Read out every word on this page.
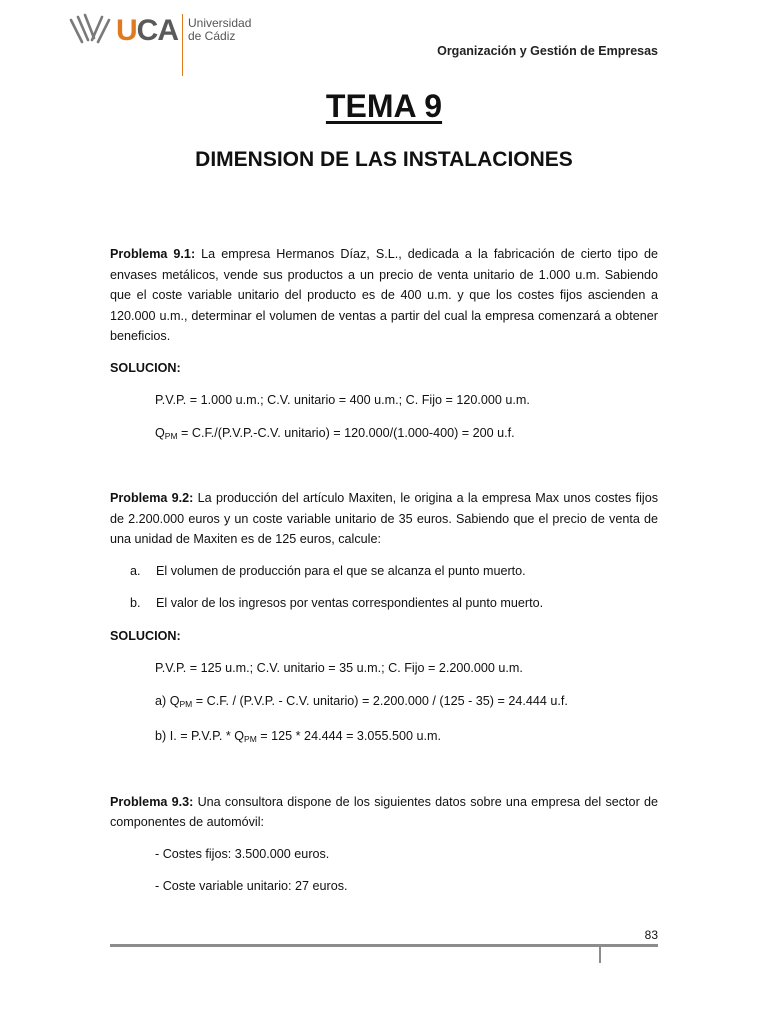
UCA Universidad
de Cádiz
Organización y Gestión de Empresas
TEMA 9
DIMENSION DE LAS INSTALACIONES

Problema 9.1: La empresa Hermanos Díaz, S.L., dedicada a la fabricación de cierto tipo de envases metálicos, vende sus productos a un precio de venta unitario de 1.000 u.m. Sabiendo que el coste variable unitario del producto es de 400 u.m. y que los costes fijos ascienden a 120.000 u.m., determinar el volumen de ventas a partir del cual la empresa comenzará a obtener beneficios.

SOLUCION:
P.V.P. = 1.000 u.m.; C.V. unitario = 400 u.m.; C. Fijo = 120.000 u.m.
$Q_{PM} = C.F./(P.V.P.-C.V$. unitario) = 120.000/(1.000-400) = 200 u.f.

Problema 9.2: La producción del artículo Maxiten, le origina a la empresa Max unos costes fijos de 2.200.000 euros y un coste variable unitario de 35 euros. Sabiendo que el precio de venta de una unidad de Maxiten es de 125 euros, calcule:

a.	El volumen de producción para el que se alcanza el punto muerto.
b.	El valor de los ingresos por ventas correspondientes al punto muerto.
SOLUCION:
P.V.P. = 125 u.m.; C.V. unitario = 35 u.m.; C. Fijo = 2.200.000 u.m.
a) $Q_{PM} = C.F$. / (P.V.P. - C.V. unitario) = 2.200.000 / (125 - 35) = 24.444 u.f.
b) I. = P.V.P. * $Q_{PM} = 125 * 24.444 = 3.055.500$ u.m.

Problema 9.3: Una consultora dispone de los siguientes datos sobre una empresa del sector de componentes de automóvil:

- Costes fijos: 3.500.000 euros.
- Coste variable unitario: 27 euros.
83
